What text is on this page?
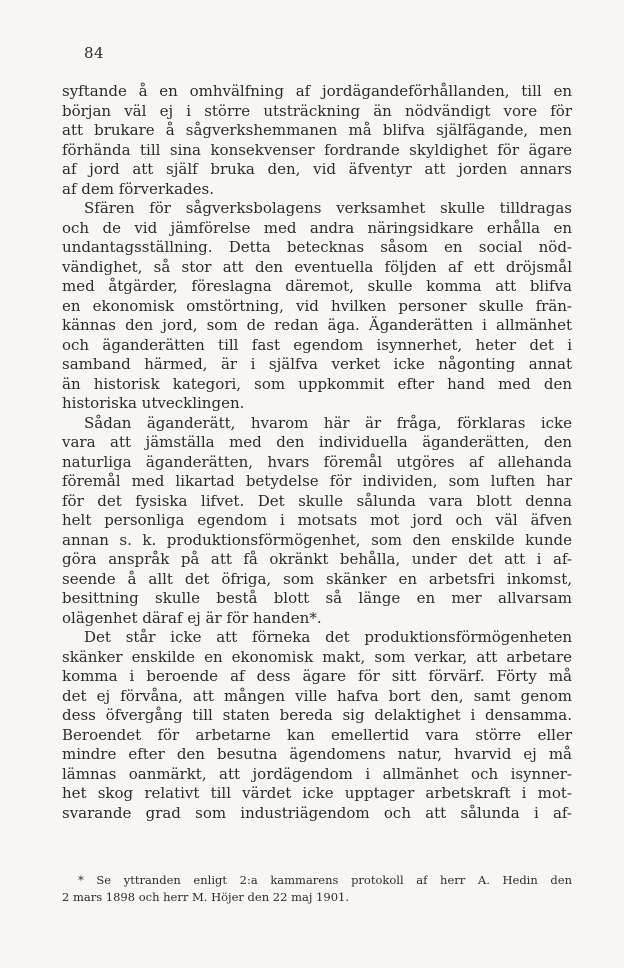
84
syftande å en omhvälfning af jordägandeförhållanden, till en
början väl ej i större utsträckning än nödvändigt vore för
att brukare å sågverkshemmanen må blifva själfägande, men
förhända till sina konsekvenser fordrande skyldighet för ägare
af jord att själf bruka den, vid äfventyr att jorden annars
af dem förverkades.
Sfären för sågverksbolagens verksamhet skulle tilldragas
och de vid jämförelse med andra näringsidkare erhålla en
undantagsställning. Detta betecknas såsom en social nöd-
vändighet, så stor att den eventuella följden af ett dröjsmål
med åtgärder, föreslagna däremot, skulle komma att blifva
en ekonomisk omstörtning, vid hvilken personer skulle frän-
kännas den jord, som de redan äga. Äganderätten i allmänhet
och äganderätten till fast egendom isynnerhet, heter det i
samband härmed, är i själfva verket icke någonting annat
än historisk kategori, som uppkommit efter hand med den
historiska utvecklingen.
Sådan äganderätt, hvarom här är fråga, förklaras icke
vara att jämställa med den individuella äganderätten, den
naturliga äganderätten, hvars föremål utgöres af allehanda
föremål med likartad betydelse för individen, som luften har
för det fysiska lifvet. Det skulle sålunda vara blott denna
helt personliga egendom i motsats mot jord och väl äfven
annan s. k. produktionsförmögenhet, som den enskilde kunde
göra anspråk på att få okränkt behålla, under det att i af-
seende å allt det öfriga, som skänker en arbetsfri inkomst,
besittning skulle bestå blott så länge en mer allvarsam
olägenhet däraf ej är för handen*.
Det står icke att förneka det produktionsförmögenheten
skänker enskilde en ekonomisk makt, som verkar, att arbetare
komma i beroende af dess ägare för sitt förvärf. Förty må
det ej förvåna, att mången ville hafva bort den, samt genom
dess öfvergång till staten bereda sig delaktighet i densamma.
Beroendet för arbetarne kan emellertid vara större eller
mindre efter den besutna ägendomens natur, hvarvid ej må
lämnas oanmärkt, att jordägendom i allmänhet och isynner-
het skog relativt till värdet icke upptager arbetskraft i mot-
svarande grad som industriägendom och att sålunda i af-
* Se yttranden enligt 2:a kammarens protokoll af herr A. Hedin den
2 mars 1898 och herr M. Höjer den 22 maj 1901.
